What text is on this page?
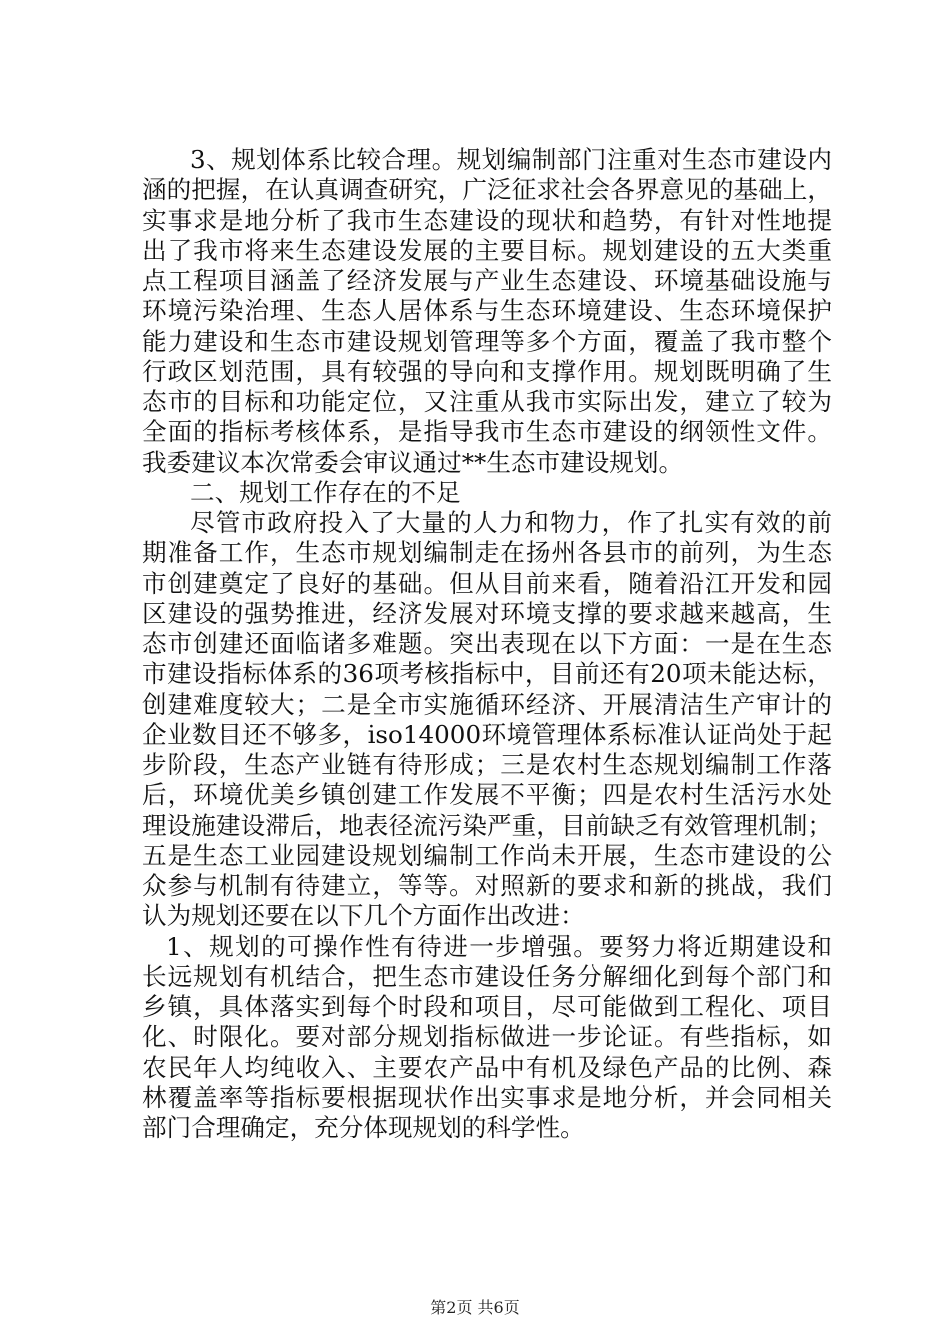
3、规划体系比较合理。规划编制部门注重对生态市建设内
涵的把握，在认真调查研究，广泛征求社会各界意见的基础上，
实事求是地分析了我市生态建设的现状和趋势，有针对性地提
出了我市将来生态建设发展的主要目标。规划建设的五大类重
点工程项目涵盖了经济发展与产业生态建设、环境基础设施与
环境污染治理、生态人居体系与生态环境建设、生态环境保护
能力建设和生态市建设规划管理等多个方面，覆盖了我市整个
行政区划范围，具有较强的导向和支撑作用。规划既明确了生
态市的目标和功能定位，又注重从我市实际出发，建立了较为
全面的指标考核体系，是指导我市生态市建设的纲领性文件。
我委建议本次常委会审议通过**生态市建设规划。
二、规划工作存在的不足
尽管市政府投入了大量的人力和物力，作了扎实有效的前
期准备工作，生态市规划编制走在扬州各县市的前列，为生态
市创建奠定了良好的基础。但从目前来看，随着沿江开发和园
区建设的强势推进，经济发展对环境支撑的要求越来越高，生
态市创建还面临诸多难题。突出表现在以下方面：一是在生态
市建设指标体系的36项考核指标中，目前还有20项未能达标，
创建难度较大；二是全市实施循环经济、开展清洁生产审计的
企业数目还不够多，iso14000环境管理体系标准认证尚处于起
步阶段，生态产业链有待形成；三是农村生态规划编制工作落
后，环境优美乡镇创建工作发展不平衡；四是农村生活污水处
理设施建设滞后，地表径流污染严重，目前缺乏有效管理机制；
五是生态工业园建设规划编制工作尚未开展，生态市建设的公
众参与机制有待建立，等等。对照新的要求和新的挑战，我们
认为规划还要在以下几个方面作出改进：
1、规划的可操作性有待进一步增强。要努力将近期建设和
长远规划有机结合，把生态市建设任务分解细化到每个部门和
乡镇，具体落实到每个时段和项目，尽可能做到工程化、项目
化、时限化。要对部分规划指标做进一步论证。有些指标，如
农民年人均纯收入、主要农产品中有机及绿色产品的比例、森
林覆盖率等指标要根据现状作出实事求是地分析，并会同相关
部门合理确定，充分体现规划的科学性。
第2页 共6页
